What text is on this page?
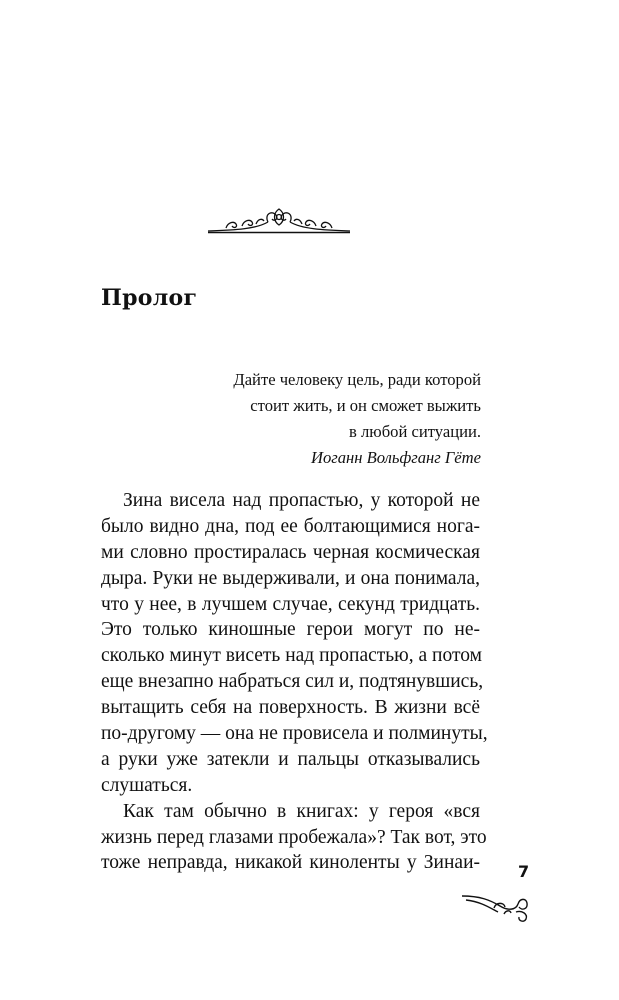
Пролог
Дайте человеку цель, ради которой
стоит жить, и он сможет выжить
в любой ситуации.
Иоганн Вольфганг Гёте
Зина висела над пропастью, у которой не
было видно дна, под ее болтающимися нога-
ми словно простиралась черная космическая
дыра. Руки не выдерживали, и она понимала,
что у нее, в лучшем случае, секунд тридцать.
Это только киношные герои могут по не-
сколько минут висеть над пропастью, а потом
еще внезапно набраться сил и, подтянувшись,
вытащить себя на поверхность. В жизни всё
по-другому — она не провисела и полминуты,
а руки уже затекли и пальцы отказывались
слушаться.
Как там обычно в книгах: у героя «вся
жизнь перед глазами пробежала»? Так вот, это
тоже неправда, никакой киноленты у Зинаи- 7
